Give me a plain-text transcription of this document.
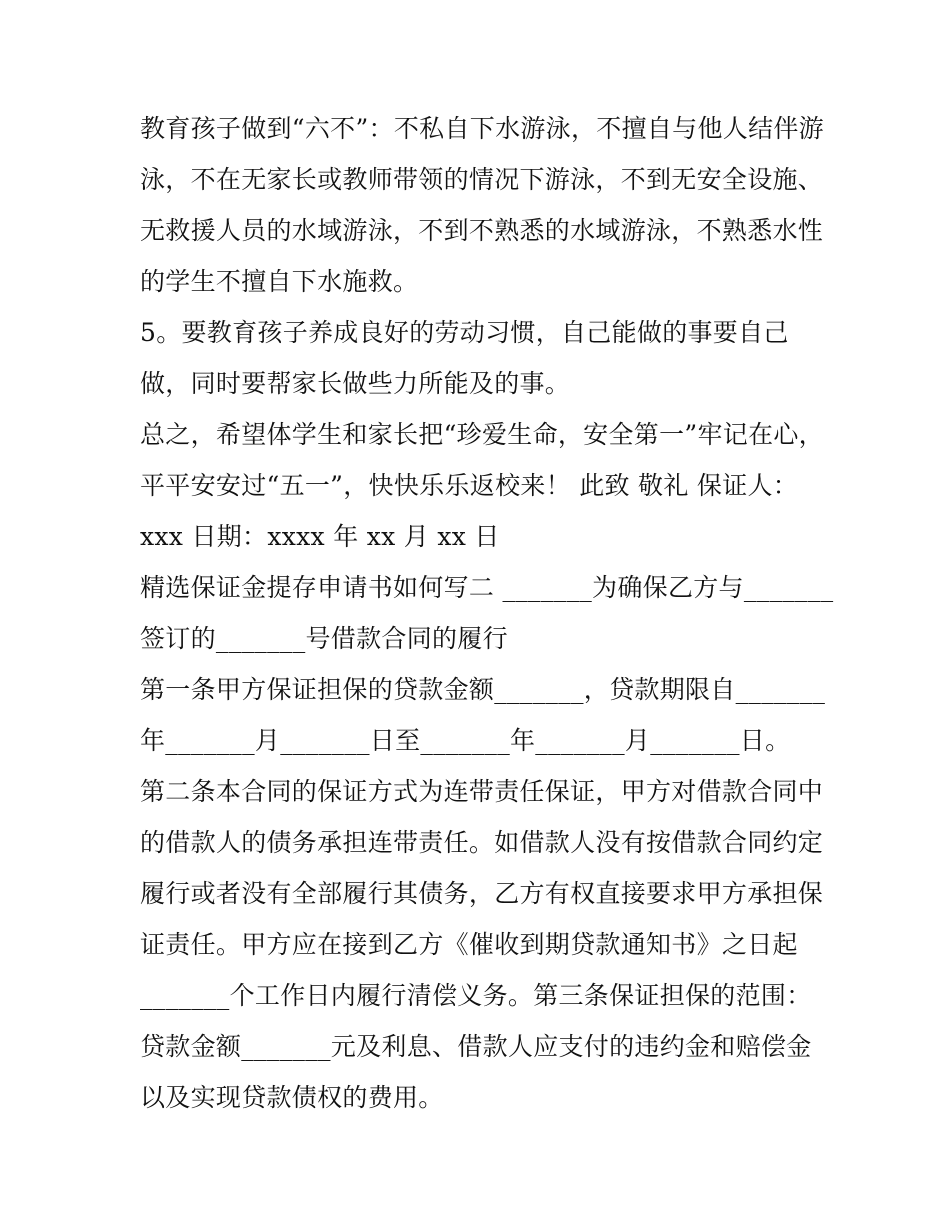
教育孩子做到“六不”：不私自下水游泳，不擅自与他人结伴游
泳，不在无家长或教师带领的情况下游泳，不到无安全设施、
无救援人员的水域游泳，不到不熟悉的水域游泳，不熟悉水性
的学生不擅自下水施救。
5。要教育孩子养成良好的劳动习惯，自己能做的事要自己
做，同时要帮家长做些力所能及的事。
总之，希望体学生和家长把“珍爱生命，安全第一”牢记在心，
平平安安过“五一”，快快乐乐返校来！ 此致 敬礼 保证人：
xxx 日期：xxxx 年 xx 月 xx 日
精选保证金提存申请书如何写二 _______为确保乙方与_______
签订的_______号借款合同的履行
第一条甲方保证担保的贷款金额_______，贷款期限自_______
年_______月_______日至_______年_______月_______日。
第二条本合同的保证方式为连带责任保证，甲方对借款合同中
的借款人的债务承担连带责任。如借款人没有按借款合同约定
履行或者没有全部履行其债务，乙方有权直接要求甲方承担保
证责任。甲方应在接到乙方《催收到期贷款通知书》之日起
_______个工作日内履行清偿义务。第三条保证担保的范围：
贷款金额_______元及利息、借款人应支付的违约金和赔偿金
以及实现贷款债权的费用。
